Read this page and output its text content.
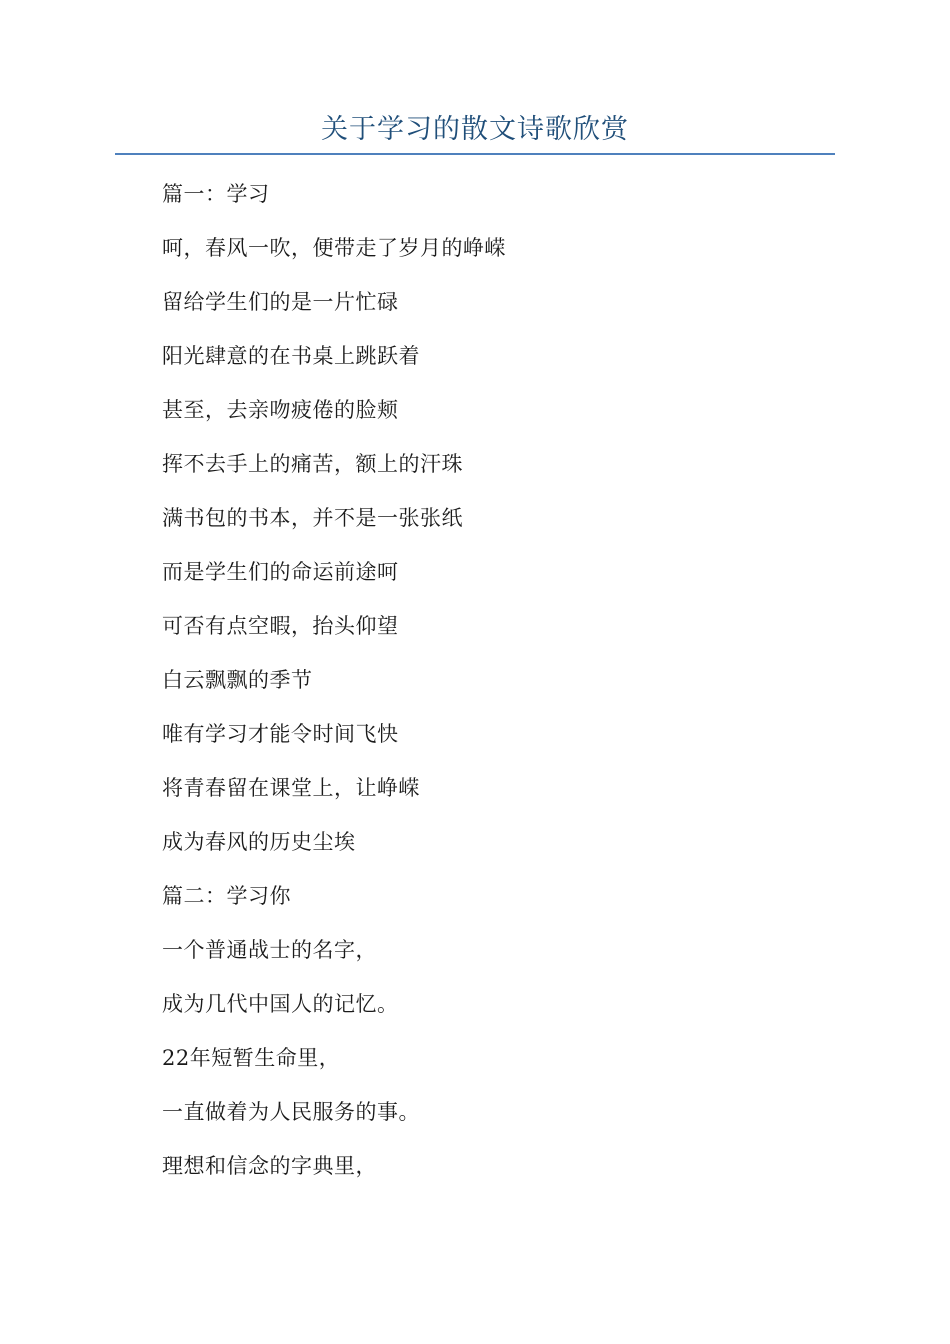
关于学习的散文诗歌欣赏
篇一：学习
呵，春风一吹，便带走了岁月的峥嵘
留给学生们的是一片忙碌
阳光肆意的在书桌上跳跃着
甚至，去亲吻疲倦的脸颊
挥不去手上的痛苦，额上的汗珠
满书包的书本，并不是一张张纸
而是学生们的命运前途呵
可否有点空暇，抬头仰望
白云飘飘的季节
唯有学习才能令时间飞快
将青春留在课堂上，让峥嵘
成为春风的历史尘埃
篇二：学习你
一个普通战士的名字，
成为几代中国人的记忆。
22年短暂生命里，
一直做着为人民服务的事。
理想和信念的字典里，
